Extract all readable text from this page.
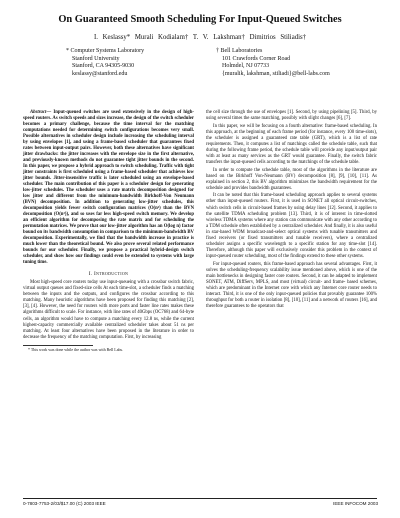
On Guaranteed Smooth Scheduling For Input-Queued Switches
I. Keslassy* Murali Kodialam† T. V. Lakshman† Dimitrios Stiliadis†
* Computer Systems Laboratory
Stanford University
Stanford, CA 94305-9030
keslassy@stanford.edu
† Bell Laboratories
101 Crawfords Corner Road
Holmdel, NJ 07733
{muralik, lakshman, stiliadi}@bell-labs.com

Abstract— Input-queued switches are used extensively in the design of high-speed routers. As switch speeds and sizes increase, the design of the switch scheduler becomes a primary challenge, because the time interval for the matching computations needed for determining switch configurations becomes very small. Possible alternatives in scheduler design include increasing the scheduling interval by using envelopes [1], and using a frame-based scheduler that guarantees fixed rates between input-output pairs. However, both these alternatives have significant jitter drawbacks: the jitter increases with the envelope size in the first alternative, and previously-known methods do not guarantee tight jitter bounds in the second. In this paper, we propose a hybrid approach to switch scheduling. Traffic with tight jitter constraints is first scheduled using a frame-based scheduler that achieves low jitter bounds. Jitter-insensitive traffic is later scheduled using an envelope-based scheduler. The main contribution of this paper is a scheduler design for generating low-jitter schedules. The scheduler uses a rate matrix decomposition designed for low jitter and different from the minimum-bandwidth Birkhoff-Von Neumann (BVN) decomposition. In addition to generating low-jitter schedules, this decomposition yields fewer switch configuration matrices (O(n²) than the BVN decomposition (O(n²)), and so uses far less high-speed switch memory. We develop an efficient algorithm for decomposing the rate matrix and for scheduling the permutation matrices. We prove that our low-jitter algorithm has an O(log n) factor bound on its bandwidth consumption in comparison to the minimum-bandwidth BV decomposition. Experimentally, we find that the bandwidth increase in practice is much lower than the theoretical bound. We also prove several related performance bounds for our scheduler. Finally, we propose a practical hybrid-design switch scheduler, and show how our findings could even be extended to systems with large tuning time.

I. Introduction

Most high-speed core routers today use input-queueing with a crossbar switch fabric, virtual output queues and fixed-size cells At each time-slot, a scheduler finds a matching between the inputs and the outputs, and configures the crossbar according to this matching. Many heuristic algorithms have been proposed for finding this matching [2], [3], [4]. However, the need for routers with more ports and faster line rates makes these algorithms difficult to scale. For instance, with line rates of 40Gbps (OC768) and 64-byte cells, an algorithm would have to compute a matching every 12.8 ns, while the current highest-capacity commercially available centralized scheduler takes about 51 ns per matching. At least four alternatives have been proposed in the literature in order to decrease the frequency of the matching computation. First, by increasing

* This work was done while the author was with Bell Labs.

the cell size through the use of envelopes [1]. Second, by using pipelining [5]. Third, by using several times the same matching, possibly with slight changes [6], [7].

In this paper, we will be focusing on a fourth alternative: frame-based scheduling. In this approach, at the beginning of each frame period (for instance, every 100 time-slots), the scheduler is assigned a guaranteed rate table (GRT), which is a list of rate requirements. Then, it computes a list of matchings called the schedule table, such that during the following frame period, the schedule table will provide any input/output pair with at least as many services as the GRT would guarantee. Finally, the switch fabric transfers the input-queued cells according to the matchings of the schedule table.

In order to compute the schedule table, most of the algorithms in the literature are based on the Birkhoff Von-Neumann (BV) decomposition [8], [9], [10], [11]. As explained in section 2, this BV algorithm minimizes the bandwidth requirement for the schedule and provides bandwidth guarantees.

It can be noted that this frame-based scheduling approach applies to several systems other than input-queued routers. First, it is used in SONET all optical circuit-switches, which switch cells in circuit-based frames by using delay lines [12]. Second, it applies to the satellite TDMA scheduling problem [13]. Third, it is of interest in time-slotted wireless TDMA systems where any station can communicate with any other according to a TDM schedule often established by a centralized scheduler. And finally, it is also useful in star-based WDM broadcast-and-select optical systems with tunable transmitters and fixed receivers (or fixed transmitters and tunable receivers), where a centralized scheduler assigns a specific wavelength to a specific station for any time-slot [14]. Therefore, although this paper will exclusively consider this problem in the context of input-queued router scheduling, most of the findings extend to these other systems.

For input-queued routers, this frame-based approach has several advantages. First, it solves the scheduling-frequency scalability issue mentioned above, which is one of the main bottlenecks in designing faster core routers. Second, it can be adapted to implement SONET, ATM, DiffServ, MPLS, and most (virtual) circuit- and frame- based schemes, which are predominant in the Internet core with which any Internet core router needs to interact. Third, it is one of the only input-queued policies that provably guarantee 100% throughput for both a router in isolation [8], [10], [11] and a network of routers [16], and therefore guarantees to the operators that

0-7803-7753-2/03/$17.00 (C) 2003 IEEE	IEEE INFOCOM 2003
